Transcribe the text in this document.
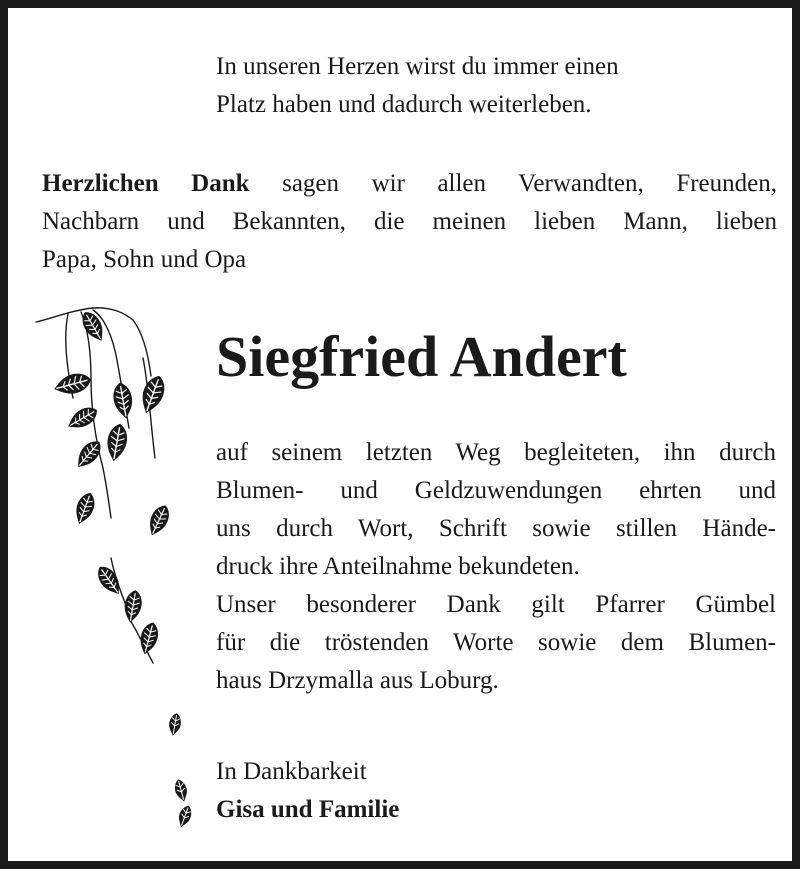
In unseren Herzen wirst du immer einen
Platz haben und dadurch weiterleben.
Herzlichen Dank sagen wir allen Verwandten, Freunden,
Nachbarn und Bekannten, die meinen lieben Mann, lieben
Papa, Sohn und Opa
Siegfried Andert
auf seinem letzten Weg begleiteten, ihn durch
Blumen- und Geldzuwendungen ehrten und
uns durch Wort, Schrift sowie stillen Hände-
druck ihre Anteilnahme bekundeten.
Unser besonderer Dank gilt Pfarrer Gümbel
für die tröstenden Worte sowie dem Blumen-
haus Drzymalla aus Loburg.
In Dankbarkeit
Gisa und Familie
